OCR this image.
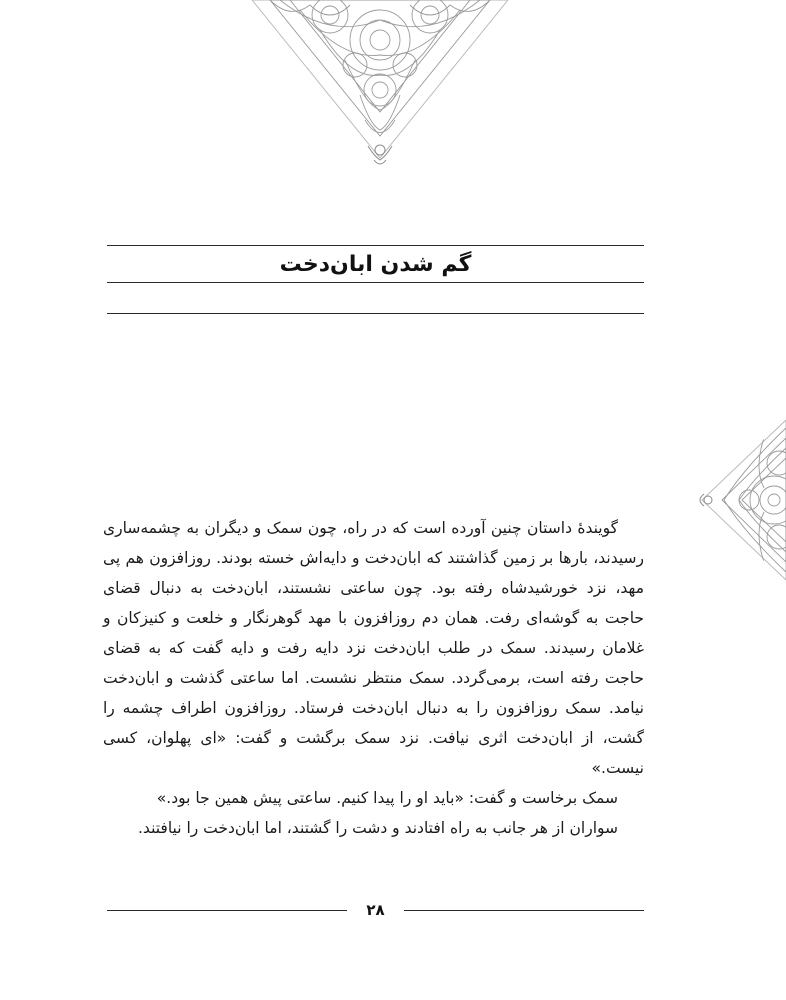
گم شدن ابان‌دخت

گویندهٔ داستان چنین آورده است که در راه، چون سمک و دیگران به چشمه‌ساری رسیدند، بارها بر زمین گذاشتند که ابان‌دخت و دایه‌اش خسته بودند. روزافزون هم پی مهد، نزد خورشیدشاه رفته بود. چون ساعتی نشستند، ابان‌دخت به دنبال قضای حاجت به گوشه‌ای رفت. همان دم روزافزون با مهد گوهرنگار و خلعت و کنیزکان و غلامان رسیدند. سمک در طلب ابان‌دخت نزد دایه رفت و دایه گفت که به قضای حاجت رفته است، برمی‌گردد. سمک منتظر نشست. اما ساعتی گذشت و ابان‌دخت نیامد. سمک روزافزون را به دنبال ابان‌دخت فرستاد. روزافزون اطراف چشمه را گشت، از ابان‌دخت اثری نیافت. نزد سمک برگشت و گفت: «ای پهلوان، کسی نیست.»

سمک برخاست و گفت: «باید او را پیدا کنیم. ساعتی پیش همین جا بود.»

سواران از هر جانب به راه افتادند و دشت را گشتند، اما ابان‌دخت را نیافتند.

۲۸
